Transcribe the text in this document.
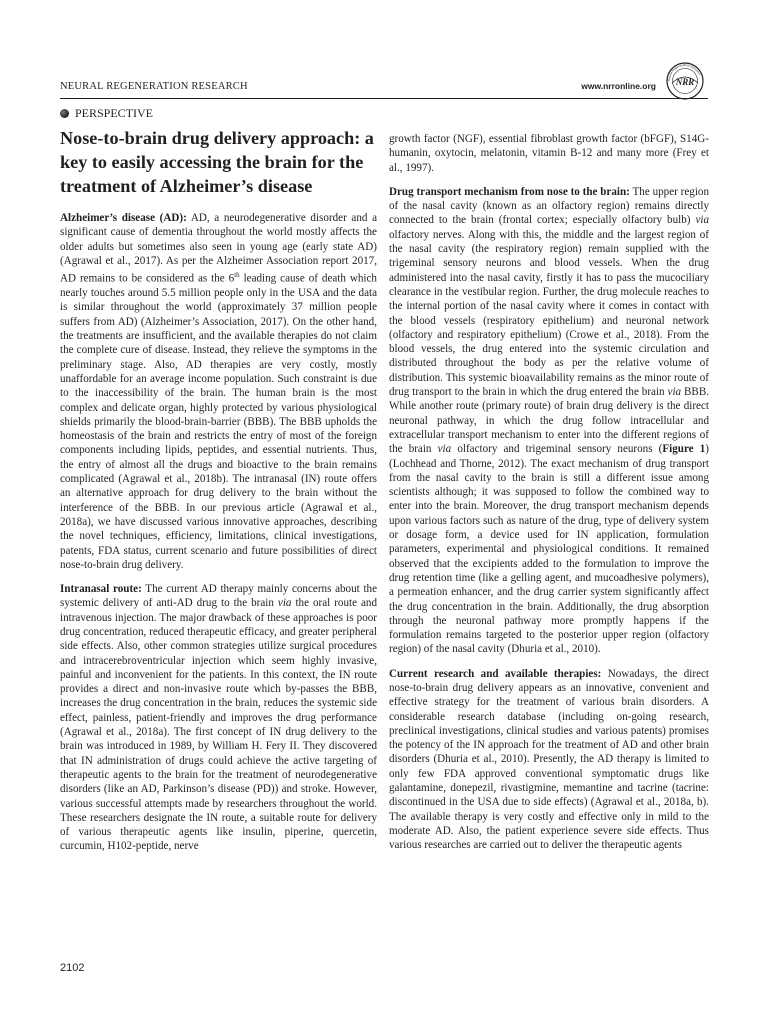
NEURAL REGENERATION RESEARCH	www.nrronline.org NRR
Neural Regeneration Research
PERSPECTIVE
Nose-to-brain drug delivery approach: a key to easily accessing the brain for the treatment of Alzheimer’s disease

Alzheimer’s disease (AD): AD, a neurodegenerative disorder and a significant cause of dementia throughout the world mostly affects the older adults but sometimes also seen in young age (early state AD) (Agrawal et al., 2017). As per the Alzheimer Association report 2017, AD remains to be considered as the 6th leading cause of death which nearly touches around 5.5 million people only in the USA and the data is similar throughout the world (approximately 37 million people suffers from AD) (Alzheimer’s Association, 2017). On the other hand, the treatments are insufficient, and the available therapies do not claim the complete cure of disease. Instead, they relieve the symptoms in the preliminary stage. Also, AD therapies are very costly, mostly unaffordable for an average income population. Such constraint is due to the inaccessibility of the brain. The human brain is the most complex and delicate organ, highly protected by various physiological shields primarily the blood-brain-barrier (BBB). The BBB upholds the homeostasis of the brain and restricts the entry of most of the foreign components including lipids, peptides, and essential nutrients. Thus, the entry of almost all the drugs and bioactive to the brain remains complicated (Agrawal et al., 2018b). The intranasal (IN) route offers an alternative approach for drug delivery to the brain without the interference of the BBB. In our previous article (Agrawal et al., 2018a), we have discussed various innovative approaches, describing the novel techniques, efficiency, limitations, clinical investigations, patents, FDA status, current scenario and future possibilities of direct nose-to-brain drug delivery.

Intranasal route: The current AD therapy mainly concerns about the systemic delivery of anti-AD drug to the brain via the oral route and intravenous injection. The major drawback of these approaches is poor drug concentration, reduced therapeutic efficacy, and greater peripheral side effects. Also, other common strategies utilize surgical procedures and intracerebroventricular injection which seem highly invasive, painful and inconvenient for the patients. In this context, the IN route provides a direct and non-invasive route which by-passes the BBB, increases the drug concentration in the brain, reduces the systemic side effect, painless, patient-friendly and improves the drug performance (Agrawal et al., 2018a). The first concept of IN drug delivery to the brain was introduced in 1989, by William H. Fery II. They discovered that IN administration of drugs could achieve the active targeting of therapeutic agents to the brain for the treatment of neurodegenerative disorders (like an AD, Parkinson’s disease (PD)) and stroke. However, various successful attempts made by researchers throughout the world. These researchers designate the IN route, a suitable route for delivery of various therapeutic agents like insulin, piperine, quercetin, curcumin, H102-peptide, nerve

growth factor (NGF), essential fibroblast growth factor (bFGF), S14G-humanin, oxytocin, melatonin, vitamin B-12 and many more (Frey et al., 1997).

Drug transport mechanism from nose to the brain: The upper region of the nasal cavity (known as an olfactory region) remains directly connected to the brain (frontal cortex; especially olfactory bulb) via olfactory nerves. Along with this, the middle and the largest region of the nasal cavity (the respiratory region) remain supplied with the trigeminal sensory neurons and blood vessels. When the drug administered into the nasal cavity, firstly it has to pass the mucociliary clearance in the vestibular region. Further, the drug molecule reaches to the internal portion of the nasal cavity where it comes in contact with the blood vessels (respiratory epithelium) and neuronal network (olfactory and respiratory epithelium) (Crowe et al., 2018). From the blood vessels, the drug entered into the systemic circulation and distributed throughout the body as per the relative volume of distribution. This systemic bioavailability remains as the minor route of drug transport to the brain in which the drug entered the brain via BBB. While another route (primary route) of brain drug delivery is the direct neuronal pathway, in which the drug follow intracellular and extracellular transport mechanism to enter into the different regions of the brain via olfactory and trigeminal sensory neurons (Figure 1) (Lochhead and Thorne, 2012). The exact mechanism of drug transport from the nasal cavity to the brain is still a different issue among scientists although; it was supposed to follow the combined way to enter into the brain. Moreover, the drug transport mechanism depends upon various factors such as nature of the drug, type of delivery system or dosage form, a device used for IN application, formulation parameters, experimental and physiological conditions. It remained observed that the excipients added to the formulation to improve the drug retention time (like a gelling agent, and mucoadhesive polymers), a permeation enhancer, and the drug carrier system significantly affect the drug concentration in the brain. Additionally, the drug absorption through the neuronal pathway more promptly happens if the formulation remains targeted to the posterior upper region (olfactory region) of the nasal cavity (Dhuria et al., 2010).

Current research and available therapies: Nowadays, the direct nose-to-brain drug delivery appears as an innovative, convenient and effective strategy for the treatment of various brain disorders. A considerable research database (including on-going research, preclinical investigations, clinical studies and various patents) promises the potency of the IN approach for the treatment of AD and other brain disorders (Dhuria et al., 2010). Presently, the AD therapy is limited to only few FDA approved conventional symptomatic drugs like galantamine, donepezil, rivastigmine, memantine and tacrine (tacrine: discontinued in the USA due to side effects) (Agrawal et al., 2018a, b). The available therapy is very costly and effective only in mild to the moderate AD. Also, the patient experience severe side effects. Thus various researches are carried out to deliver the therapeutic agents

2102
